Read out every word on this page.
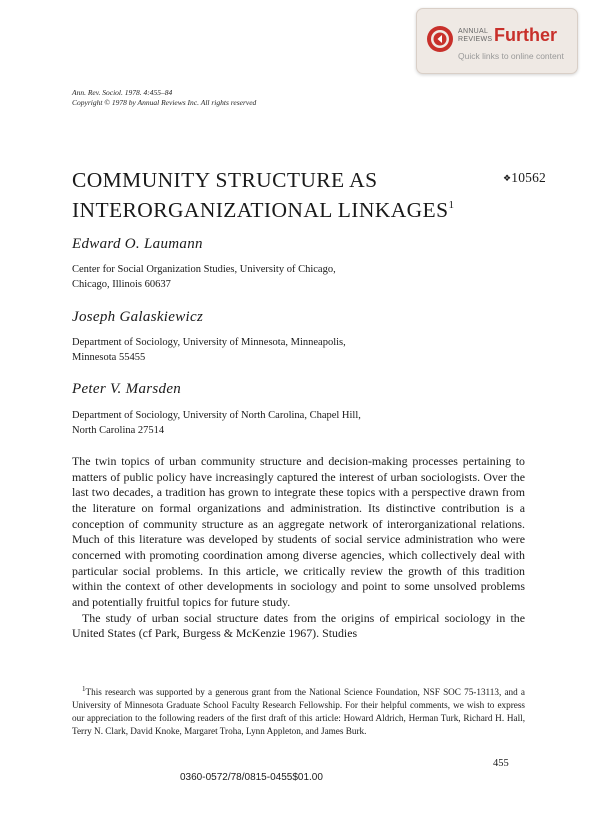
ANNUAL
REVIEWS Further
Quick links to online content
Ann. Rev. Sociol. 1978. 4:455–84
Copyright © 1978 by Annual Reviews Inc. All rights reserved
COMMUNITY STRUCTURE AS
INTERORGANIZATIONAL LINKAGES$^1$
❖10562
Edward O. Laumann
Center for Social Organization Studies, University of Chicago,
Chicago, Illinois 60637
Joseph Galaskiewicz
Department of Sociology, University of Minnesota, Minneapolis,
Minnesota 55455
Peter V. Marsden
Department of Sociology, University of North Carolina, Chapel Hill,
North Carolina 27514

The twin topics of urban community structure and decision-making processes pertaining to matters of public policy have increasingly captured the interest of urban sociologists. Over the last two decades, a tradition has grown to integrate these topics with a perspective drawn from the literature on formal organizations and administration. Its distinctive contribution is a conception of community structure as an aggregate network of interorganizational relations. Much of this literature was developed by students of social service administration who were concerned with promoting coordination among diverse agencies, which collectively deal with particular social problems. In this article, we critically review the growth of this tradition within the context of other developments in sociology and point to some unsolved problems and potentially fruitful topics for future study.

The study of urban social structure dates from the origins of empirical sociology in the United States (cf Park, Burgess & McKenzie 1967). Studies

$^1$This research was supported by a generous grant from the National Science Foundation, NSF SOC 75-13113, and a University of Minnesota Graduate School Faculty Research Fellowship. For their helpful comments, we wish to express our appreciation to the following readers of the first draft of this article: Howard Aldrich, Herman Turk, Richard H. Hall, Terry N. Clark, David Knoke, Margaret Troha, Lynn Appleton, and James Burk.

455
0360-0572/78/0815-0455$01.00
